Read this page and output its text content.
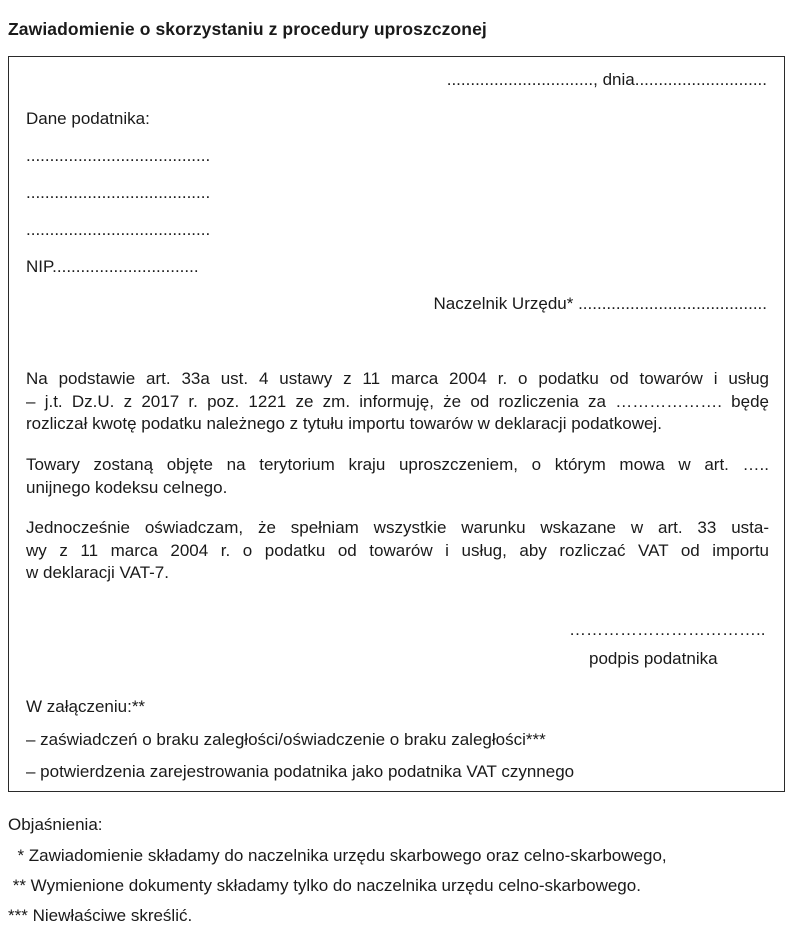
Zawiadomienie o skorzystaniu z procedury uproszczonej
..............................., dnia............................
Dane podatnika:
.......................................
.......................................
.......................................
NIP...............................
Naczelnik Urzędu* ........................................
Na podstawie art. 33a ust. 4 ustawy z 11 marca 2004 r. o podatku od towarów i usług
– j.t. Dz.U. z 2017 r. poz. 1221 ze zm. informuję, że od rozliczenia za ………………. będę
rozliczał kwotę podatku należnego z tytułu importu towarów w deklaracji podatkowej.
Towary zostaną objęte na terytorium kraju uproszczeniem, o którym mowa w art. …..
unijnego kodeksu celnego.
Jednocześnie oświadczam, że spełniam wszystkie warunku wskazane w art. 33 usta-
wy z 11 marca 2004 r. o podatku od towarów i usług, aby rozliczać VAT od importu
w deklaracji VAT-7.
……………………………..
podpis podatnika
W załączeniu:**
– zaświadczeń o braku zaległości/oświadczenie o braku zaległości***
– potwierdzenia zarejestrowania podatnika jako podatnika VAT czynnego
Objaśnienia:
* Zawiadomienie składamy do naczelnika urzędu skarbowego oraz celno-skarbowego,
** Wymienione dokumenty składamy tylko do naczelnika urzędu celno-skarbowego.
*** Niewłaściwe skreślić.
